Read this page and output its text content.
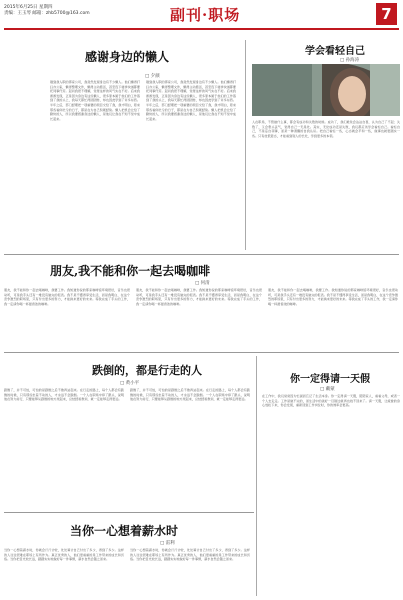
2015年6月25日 星期四
责编：王玉琴 邮箱：zhb5700@163.com	副刊·职场	7
感谢身边的懒人
□ 夕颜
刚到我入职的那家公司，我竟然发现身边有不少懒人。他们懒得打扫办公室，懒得整理文件，懒得主动揽活，甚至连下楼拿快递都要托同事代劳。起初我很不理解，觉得这样的风气实在不好。后来我渐渐发现，正是因为身边有这些懒人，很多原本属于他们的工作落到了我的头上，我每天都忙得团团转，却也因此学到了许多东西。半年之后，部门经理把一项重要的项目交给了我，我才明白，原来那些看似吃亏的日子，都是在为自己积累经验。懒人把机会让给了勤快的人，所以我要感谢身边的懒人，是他们让我在不知不觉中成长起来。
刚到我入职的那家公司，我竟然发现身边有不少懒人。他们懒得打扫办公室，懒得整理文件，懒得主动揽活，甚至连下楼拿快递都要托同事代劳。起初我很不理解，觉得这样的风气实在不好。后来我渐渐发现，正是因为身边有这些懒人，很多原本属于他们的工作落到了我的头上，我每天都忙得团团转，却也因此学到了许多东西。半年之后，部门经理把一项重要的项目交给了我，我才明白，原来那些看似吃亏的日子，都是在为自己积累经验。懒人把机会让给了勤快的人，所以我要感谢身边的懒人，是他们让我在不知不觉中成长起来。
学会看轻自己
□ 孙海涛
人在职场，不管做什么事，都会有成功和失败的时候。成功了，我们难免会沾沾自喜，认为自己了不起；失败了，又会垂头丧气，觉得自己一无是处。其实，无论成功还是失败，我们都应该学会看轻自己。看轻自己，不是妄自菲薄，而是一种清醒的自我认识。把自己看轻一些，心态就会平和一些，做事也就更踏实一些。只有放低姿态，才能看到别人的长处，学到更多的本领。
朋友,我不能和你一起去喝咖啡
□ 何清
朋友，我不能和你一起去喝咖啡，我要工作。我知道你说的那家咖啡馆环境很好，音乐也很动听，可是我手头还有一堆没有做完的报表。我不是不懂得享受生活，而是我明白，在这个竞争激烈的职场里，只有付出更多的努力，才能换来更好的未来。等我完成了手头的工作，我一定请你喝一杯最香浓的咖啡。
朋友，我不能和你一起去喝咖啡，我要工作。我知道你说的那家咖啡馆环境很好，音乐也很动听，可是我手头还有一堆没有做完的报表。我不是不懂得享受生活，而是我明白，在这个竞争激烈的职场里，只有付出更多的努力，才能换来更好的未来。等我完成了手头的工作，我一定请你喝一杯最香浓的咖啡。
朋友，我不能和你一起去喝咖啡，我要工作。我知道你说的那家咖啡馆环境很好，音乐也很动听，可是我手头还有一堆没有做完的报表。我不是不懂得享受生活，而是我明白，在这个竞争激烈的职场里，只有付出更多的努力，才能换来更好的未来。等我完成了手头的工作，我一定请你喝一杯最香浓的咖啡。
跌倒的，都是行走的人
□ 黄小平
跌倒了，并不可怕，可怕的是跌倒之后不敢再站起来。在行走的路上，每个人都会有跌倒的时候，只有那些坐着不动的人，才永远不会跌倒。一个人在职场中摔了跟头，说明他在努力前行，只要能够从跌倒的地方爬起来，总结经验教训，就一定能够走得更远。
跌倒了，并不可怕，可怕的是跌倒之后不敢再站起来。在行走的路上，每个人都会有跌倒的时候，只有那些坐着不动的人，才永远不会跌倒。一个人在职场中摔了跟头，说明他在努力前行，只要能够从跌倒的地方爬起来，总结经验教训，就一定能够走得更远。
你一定得请一天假
□ 戴蒙
在工作中，我们常常因为忙碌而忘记了生活本身。你一定得请一天假，陪陪家人，看看父母，或者一个人去走走。工作是做不完的，而生活中的美好一旦错过就再也找不回来了。请一天假，让疲惫的身心放松下来，你会发现，重新回到工作岗位时，你的效率会更高。
当你一心想着薪水时
□ 雷利
当你一心想着薪水时，你就会斤斤计较，处处算计自己付出了多少，得到了多少。这样的人往往很难在职场上有所作为。真正优秀的人，他们更看重的是工作带来的成长和历练。当你把目光放长远，踏踏实实地做好每一件事情，薪水自然会随之而来。
当你一心想着薪水时，你就会斤斤计较，处处算计自己付出了多少，得到了多少。这样的人往往很难在职场上有所作为。真正优秀的人，他们更看重的是工作带来的成长和历练。当你把目光放长远，踏踏实实地做好每一件事情，薪水自然会随之而来。
